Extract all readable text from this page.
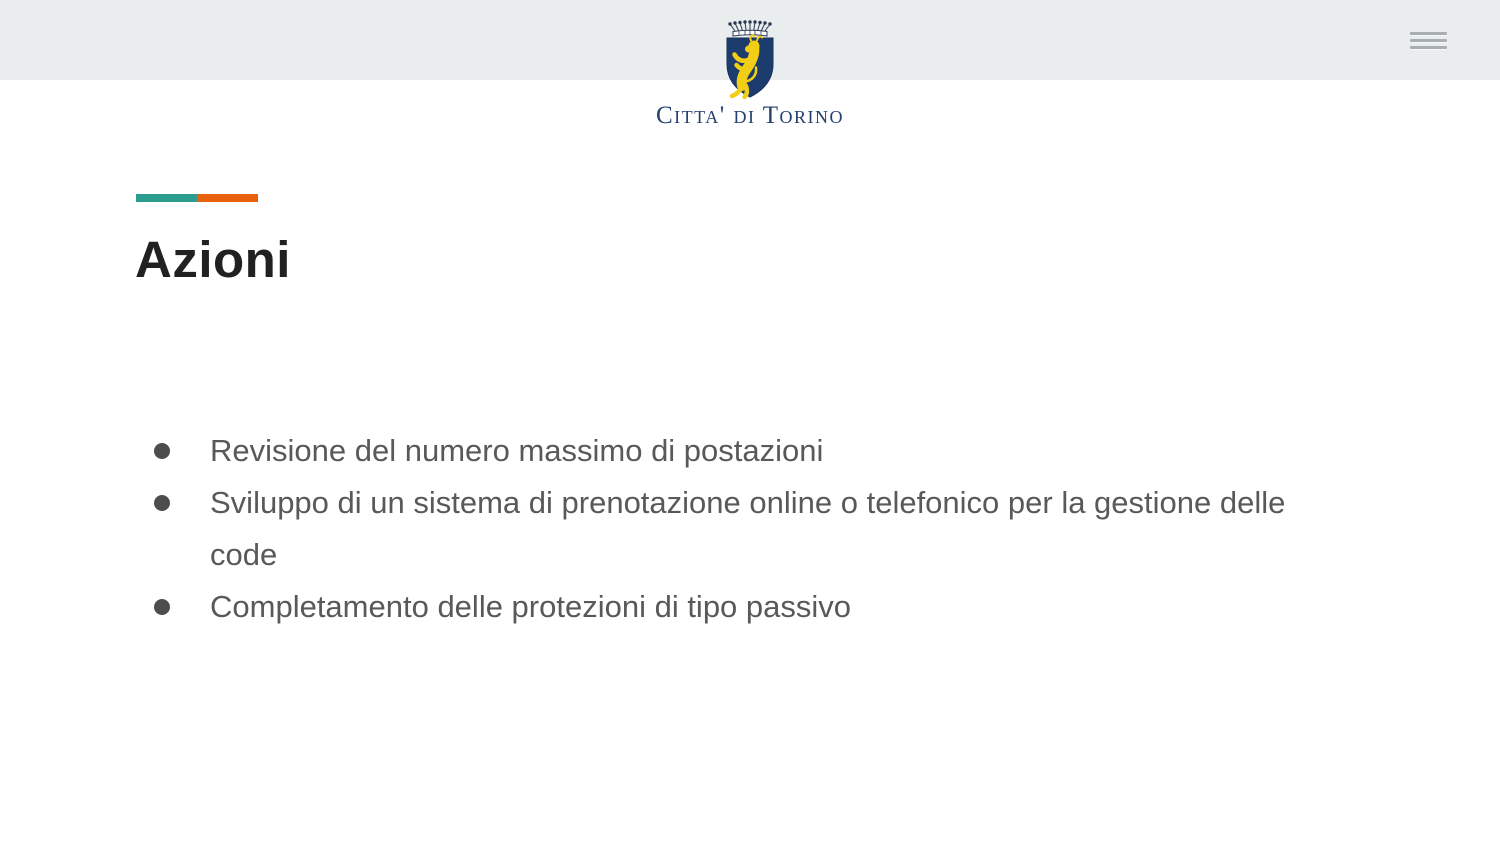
Citta' di Torino
Azioni
Revisione del numero massimo di postazioni
Sviluppo di un sistema di prenotazione online o telefonico per la gestione delle code
Completamento delle protezioni di tipo passivo
